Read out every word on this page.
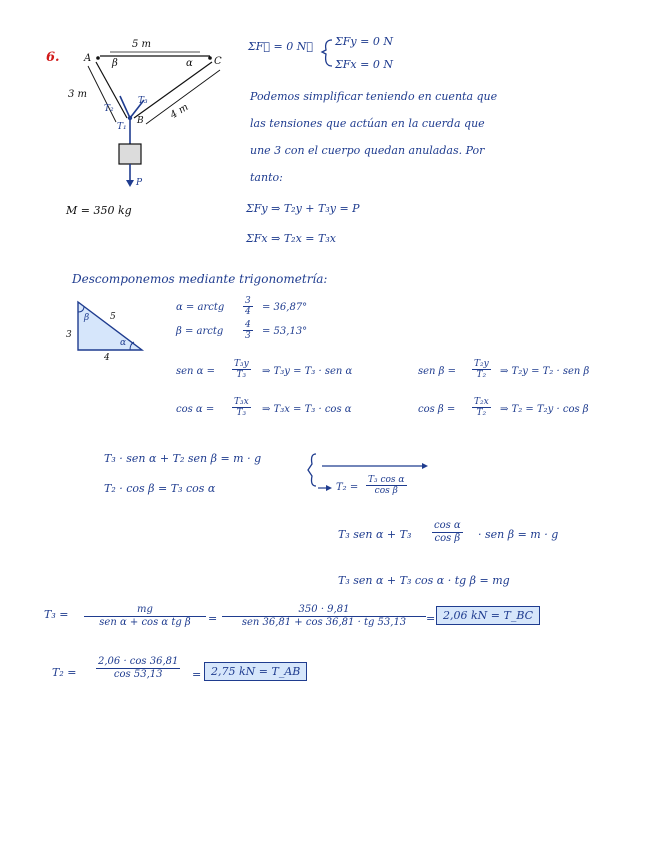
6.
5 m
A	C
β	α
3 m
4 m
T₂
T₃
T₁
B
P
M = 350 kg
ΣF⃗ = 0 N⃗ ΣFy = 0 N
ΣFx = 0 N
Podemos simplificar teniendo en cuenta que
las tensiones que actúan en la cuerda que
une 3 con el cuerpo quedan anuladas. Por
tanto:
ΣFy ⇒ T₂y + T₃y = P
ΣFx ⇒ T₂x = T₃x
Descomponemos mediante trigonometría:
3
5
4
β
α
α = arctg $\frac{3}{4} = 36,87^\circ$
β = arctg $\frac{4}{3} = 53,13^\circ$
sen $\alpha = \frac{\text{T₃y}}{\text{T₃}}$ ⇒ T₃y = T₃ · sen α	sen $\beta = \frac{\text{T₂y}}{\text{T₂}}$ ⇒ T₂y = T₂ · sen β
$\cos \alpha = \frac{\text{T₃x}}{\text{T₃}}$ ⇒ T₃x = T₃ · cos α	$\cos \beta = \frac{\text{T₂x}}{\text{T₂}}$ ⇒ T₂ = T₂y · cos β
T₃ · sen α + T₂ sen β = m · g
T₂ · cos β = T₃ cos α	$T_2 = \frac{\text{T₃ cos α}}{\text{cos β}}$
T₃ sen $\alpha + T_3 \frac{\text{cos α}}{\text{cos β}}$ · sen β = m · g
T₃ sen α + T₃ cos α · tg β = mg
T₃ =	mg
sen α + cos α tg β =
350 · 9,81
sen 36,81 + cos 36,81 · tg 53,13 = 2,06 kN = T_BC
$T_2 = \frac{2,06 \cdot \cos 36,81}{\cos 53,13} = 2,75$ kN = T_AB
